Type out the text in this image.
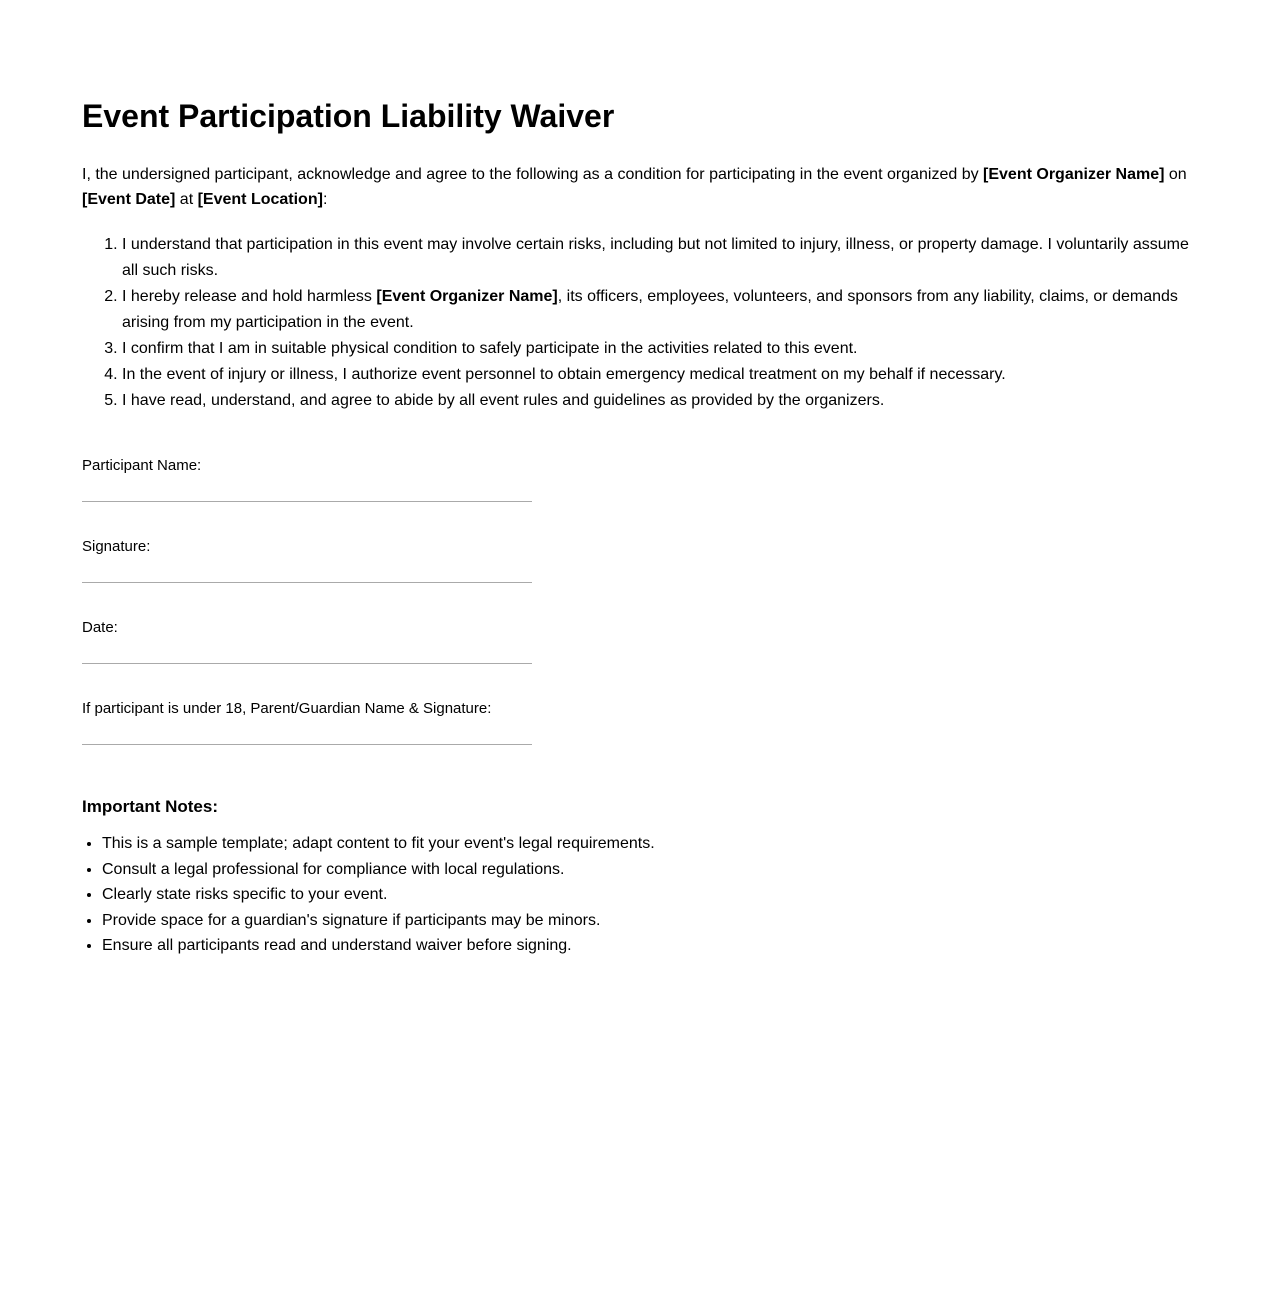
Event Participation Liability Waiver

I, the undersigned participant, acknowledge and agree to the following as a condition for participating in the event organized by [Event Organizer Name] on [Event Date] at [Event Location]:

1. I understand that participation in this event may involve certain risks, including but not limited to injury, illness, or property damage. I voluntarily assume all such risks.
2. I hereby release and hold harmless [Event Organizer Name], its officers, employees, volunteers, and sponsors from any liability, claims, or demands arising from my participation in the event.
3. I confirm that I am in suitable physical condition to safely participate in the activities related to this event.
4. In the event of injury or illness, I authorize event personnel to obtain emergency medical treatment on my behalf if necessary.
5. I have read, understand, and agree to abide by all event rules and guidelines as provided by the organizers.
Participant Name:
Signature:
Date:
If participant is under 18, Parent/Guardian Name & Signature:
Important Notes:
• This is a sample template; adapt content to fit your event's legal requirements.
• Consult a legal professional for compliance with local regulations.
• Clearly state risks specific to your event.
• Provide space for a guardian's signature if participants may be minors.
• Ensure all participants read and understand waiver before signing.
